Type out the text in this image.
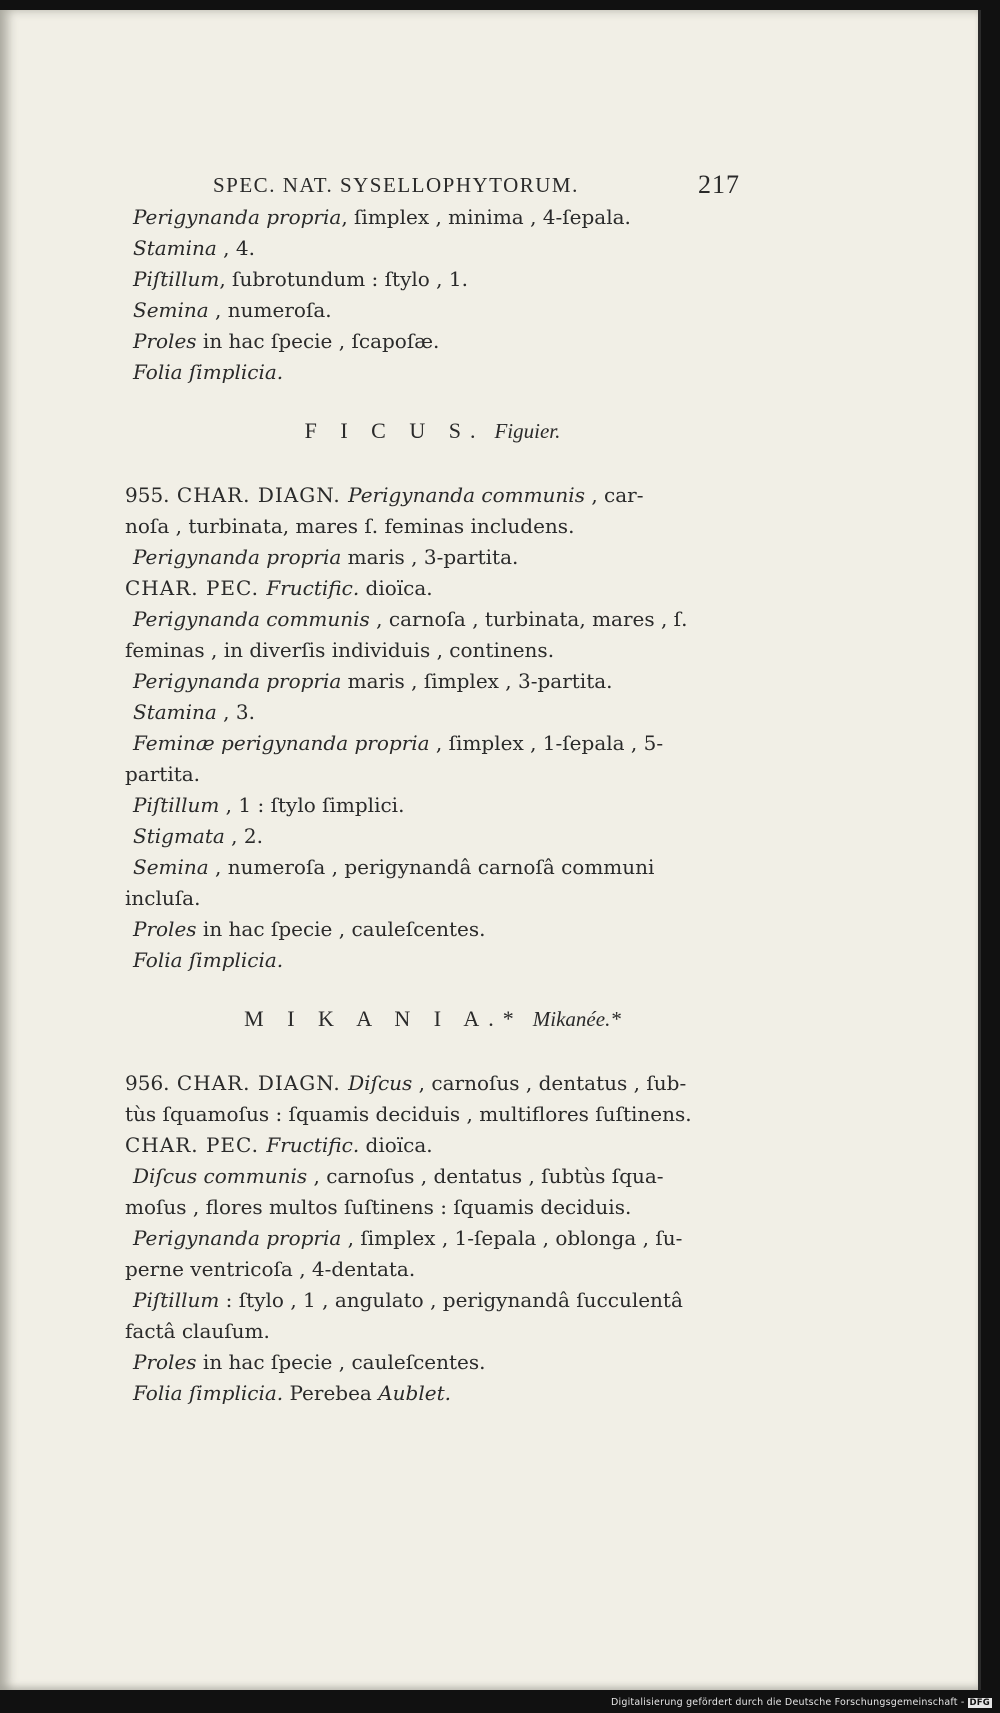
SPEC. NAT. SYSELLOPHYTORUM.	217
Perigynanda propria, ſimplex , minima , 4-ſepala.
Stamina , 4.
Piſtillum, ſubrotundum : ſtylo , 1.
Semina , numeroſa.
Proles in hac ſpecie , ſcapoſæ.
Folia ſimplicia.
F I C U S. Figuier.
955. CHAR. DIAGN. Perigynanda communis , car-
noſa , turbinata, mares ſ. feminas includens.
Perigynanda propria maris , 3-partita.
CHAR. PEC. Fructific. dioïca.
Perigynanda communis , carnoſa , turbinata, mares , ſ.
feminas , in diverſis individuis , continens.
Perigynanda propria maris , ſimplex , 3-partita.
Stamina , 3.
Feminæ perigynanda propria , ſimplex , 1-ſepala , 5-
partita.
Piſtillum , 1 : ſtylo ſimplici.
Stigmata , 2.
Semina , numeroſa , perigynandâ carnoſâ communi
incluſa.
Proles in hac ſpecie , cauleſcentes.
Folia ſimplicia.
M I K A N I A.* Mikanée.*
956. CHAR. DIAGN. Diſcus , carnoſus , dentatus , ſub-
tùs ſquamoſus : ſquamis deciduis , multiflores ſuſtinens.
CHAR. PEC. Fructific. dioïca.
Diſcus communis , carnoſus , dentatus , ſubtùs ſqua-
moſus , flores multos ſuſtinens : ſquamis deciduis.
Perigynanda propria , ſimplex , 1-ſepala , oblonga , ſu-
perne ventricoſa , 4-dentata.
Piſtillum : ſtylo , 1 , angulato , perigynandâ ſucculentâ
factâ clauſum.
Proles in hac ſpecie , cauleſcentes.
Folia ſimplicia. Perebea Aublet.
Digitalisierung gefördert durch die Deutsche Forschungsgemeinschaft - DFG
